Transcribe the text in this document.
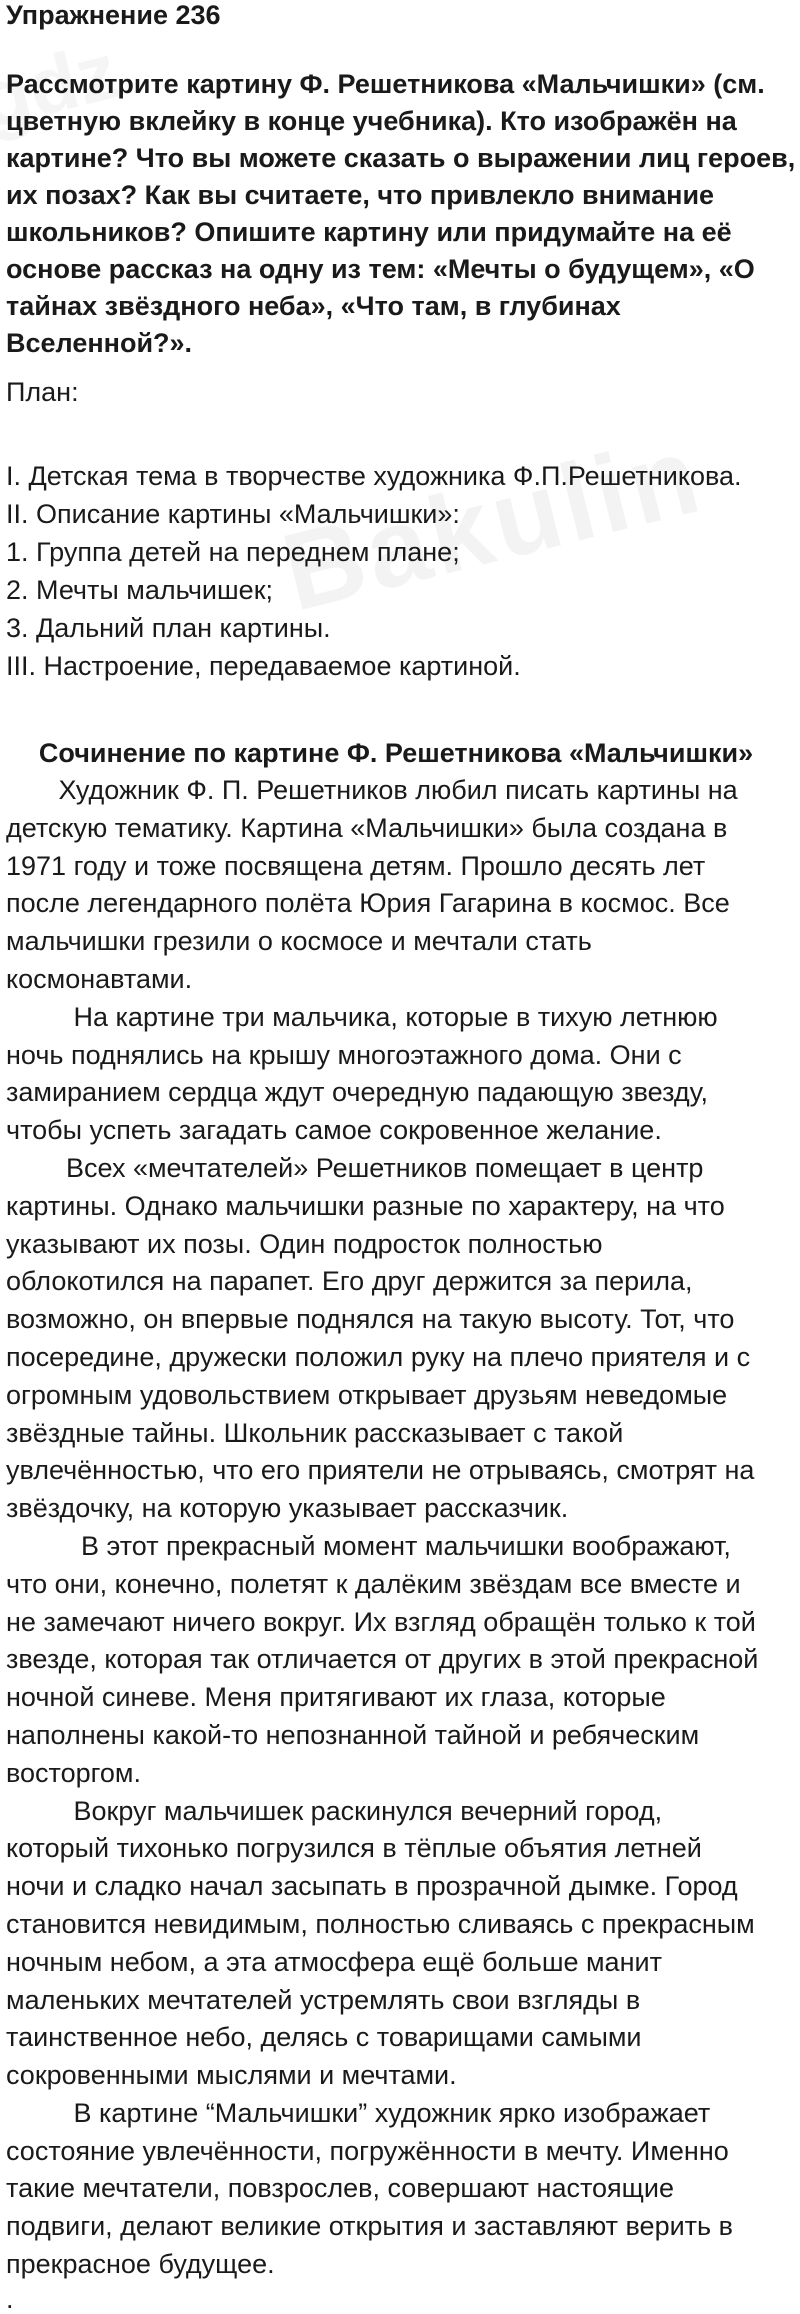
Упражнение 236
Рассмотрите картину Ф. Решетникова «Мальчишки» (см.
цветную вклейку в конце учебника). Кто изображён на
картине? Что вы можете сказать о выражении лиц героев,
их позах? Как вы считаете, что привлекло внимание
школьников? Опишите картину или придумайте на её
основе рассказ на одну из тем: «Мечты о будущем», «О
тайнах звёздного неба», «Что там, в глубинах
Вселенной?».

План:

I. Детская тема в творчестве художника Ф.П.Решетникова.
II. Описание картины «Мальчишки»:
1. Группа детей на переднем плане;
2. Мечты мальчишек;
3. Дальний план картины.
III. Настроение, передаваемое картиной.
Сочинение по картине Ф. Решетникова «Мальчишки»

Художник Ф. П. Решетников любил писать картины на
детскую тематику. Картина «Мальчишки» была создана в
1971 году и тоже посвящена детям. Прошло десять лет
после легендарного полёта Юрия Гагарина в космос. Все
мальчишки грезили о космосе и мечтали стать
космонавтами.

На картине три мальчика, которые в тихую летнюю
ночь поднялись на крышу многоэтажного дома. Они с
замиранием сердца ждут очередную падающую звезду,
чтобы успеть загадать самое сокровенное желание.

Всех «мечтателей» Решетников помещает в центр
картины. Однако мальчишки разные по характеру, на что
указывают их позы. Один подросток полностью
облокотился на парапет. Его друг держится за перила,
возможно, он впервые поднялся на такую высоту. Тот, что
посередине, дружески положил руку на плечо приятеля и с
огромным удовольствием открывает друзьям неведомые
звёздные тайны. Школьник рассказывает с такой
увлечённостью, что его приятели не отрываясь, смотрят на
звёздочку, на которую указывает рассказчик.

В этот прекрасный момент мальчишки воображают,
что они, конечно, полетят к далёким звёздам все вместе и
не замечают ничего вокруг. Их взгляд обращён только к той
звезде, которая так отличается от других в этой прекрасной
ночной синеве. Меня притягивают их глаза, которые
наполнены какой-то непознанной тайной и ребяческим
восторгом.

Вокруг мальчишек раскинулся вечерний город,
который тихонько погрузился в тёплые объятия летней
ночи и сладко начал засыпать в прозрачной дымке. Город
становится невидимым, полностью сливаясь с прекрасным
ночным небом, а эта атмосфера ещё больше манит
маленьких мечтателей устремлять свои взгляды в
таинственное небо, делясь с товарищами самыми
сокровенными мыслями и мечтами.

В картине “Мальчишки” художник ярко изображает
состояние увлечённости, погружённости в мечту. Именно
такие мечтатели, повзрослев, совершают настоящие
подвиги, делают великие открытия и заставляют верить в
прекрасное будущее.

.
